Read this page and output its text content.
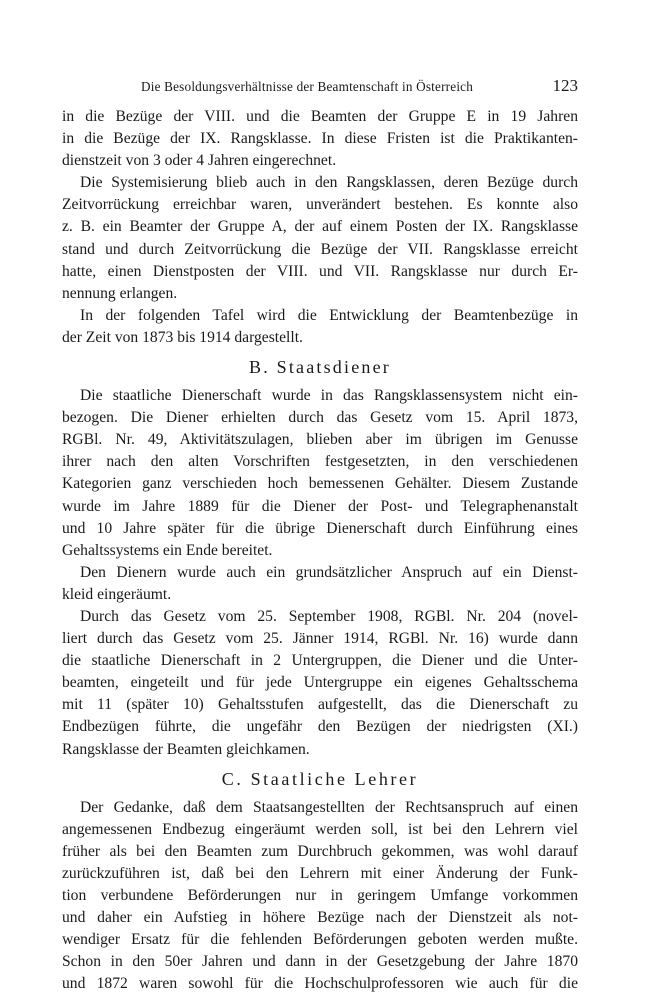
Die Besoldungsverhältnisse der Beamtenschaft in Österreich	123
in die Bezüge der VIII. und die Beamten der Gruppe E in 19 Jahren
in die Bezüge der IX. Rangsklasse. In diese Fristen ist die Praktikanten-
dienstzeit von 3 oder 4 Jahren eingerechnet.
Die Systemisierung blieb auch in den Rangsklassen, deren Bezüge durch
Zeitvorrückung erreichbar waren, unverändert bestehen. Es konnte also
z. B. ein Beamter der Gruppe A, der auf einem Posten der IX. Rangsklasse
stand und durch Zeitvorrückung die Bezüge der VII. Rangsklasse erreicht
hatte, einen Dienstposten der VIII. und VII. Rangsklasse nur durch Er-
nennung erlangen.
In der folgenden Tafel wird die Entwicklung der Beamtenbezüge in
der Zeit von 1873 bis 1914 dargestellt.
B. Staatsdiener
Die staatliche Dienerschaft wurde in das Rangsklassensystem nicht ein-
bezogen. Die Diener erhielten durch das Gesetz vom 15. April 1873,
RGBl. Nr. 49, Aktivitätszulagen, blieben aber im übrigen im Genusse
ihrer nach den alten Vorschriften festgesetzten, in den verschiedenen
Kategorien ganz verschieden hoch bemessenen Gehälter. Diesem Zustande
wurde im Jahre 1889 für die Diener der Post- und Telegraphenanstalt
und 10 Jahre später für die übrige Dienerschaft durch Einführung eines
Gehaltssystems ein Ende bereitet.
Den Dienern wurde auch ein grundsätzlicher Anspruch auf ein Dienst-
kleid eingeräumt.
Durch das Gesetz vom 25. September 1908, RGBl. Nr. 204 (novel-
liert durch das Gesetz vom 25. Jänner 1914, RGBl. Nr. 16) wurde dann
die staatliche Dienerschaft in 2 Untergruppen, die Diener und die Unter-
beamten, eingeteilt und für jede Untergruppe ein eigenes Gehaltsschema
mit 11 (später 10) Gehaltsstufen aufgestellt, das die Dienerschaft zu
Endbezügen führte, die ungefähr den Bezügen der niedrigsten (XI.)
Rangsklasse der Beamten gleichkamen.
C. Staatliche Lehrer
Der Gedanke, daß dem Staatsangestellten der Rechtsanspruch auf einen
angemessenen Endbezug eingeräumt werden soll, ist bei den Lehrern viel
früher als bei den Beamten zum Durchbruch gekommen, was wohl darauf
zurückzuführen ist, daß bei den Lehrern mit einer Änderung der Funk-
tion verbundene Beförderungen nur in geringem Umfange vorkommen
und daher ein Aufstieg in höhere Bezüge nach der Dienstzeit als not-
wendiger Ersatz für die fehlenden Beförderungen geboten werden mußte.
Schon in den 50er Jahren und dann in der Gesetzgebung der Jahre 1870
und 1872 waren sowohl für die Hochschulprofessoren wie auch für die
